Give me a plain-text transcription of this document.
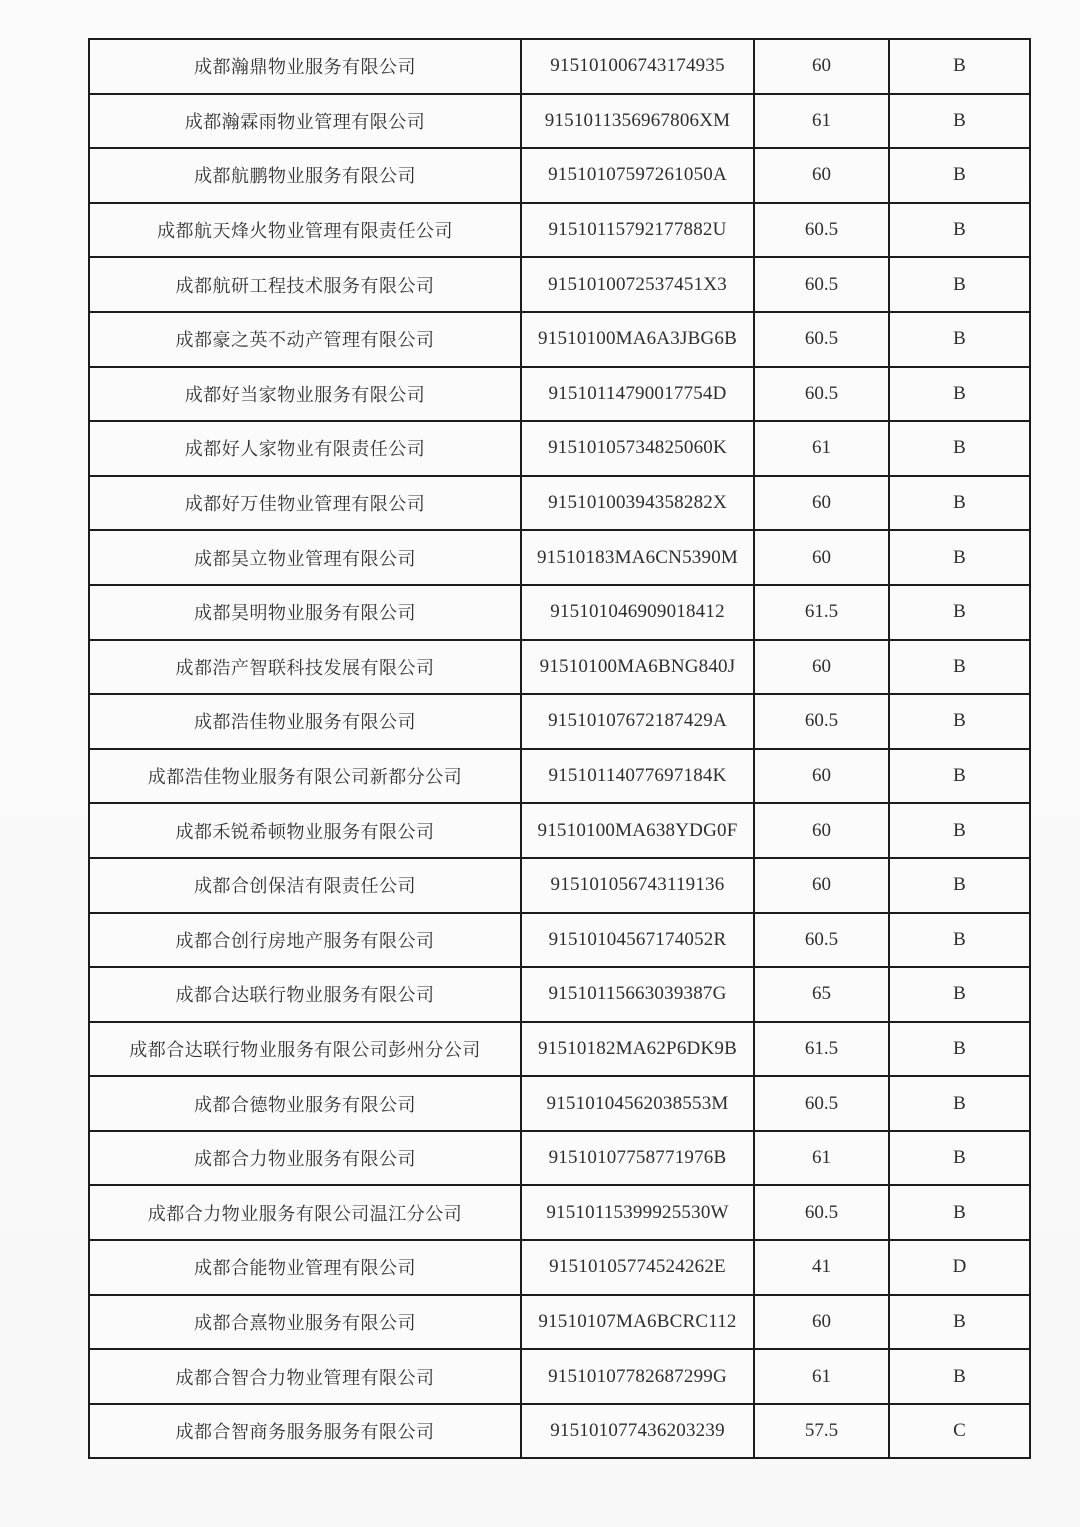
成都瀚鼎物业服务有限公司	915101006743174935	60	B
成都瀚霖雨物业管理有限公司	9151011356967806XM	61	B
成都航鹏物业服务有限公司	91510107597261050A	60	B
成都航天烽火物业管理有限责任公司	91510115792177882U	60.5	B
成都航研工程技术服务有限公司	9151010072537451X3	60.5	B
成都豪之英不动产管理有限公司	91510100MA6A3JBG6B	60.5	B
成都好当家物业服务有限公司	91510114790017754D	60.5	B
成都好人家物业有限责任公司	91510105734825060K	61	B
成都好万佳物业管理有限公司	91510100394358282X	60	B
成都昊立物业管理有限公司	91510183MA6CN5390M	60	B
成都昊明物业服务有限公司	915101046909018412	61.5	B
成都浩产智联科技发展有限公司	91510100MA6BNG840J	60	B
成都浩佳物业服务有限公司	91510107672187429A	60.5	B
成都浩佳物业服务有限公司新都分公司	91510114077697184K	60	B
成都禾锐希顿物业服务有限公司	91510100MA638YDG0F	60	B
成都合创保洁有限责任公司	915101056743119136	60	B
成都合创行房地产服务有限公司	91510104567174052R	60.5	B
成都合达联行物业服务有限公司	91510115663039387G	65	B
成都合达联行物业服务有限公司彭州分公司	91510182MA62P6DK9B	61.5	B
成都合德物业服务有限公司	91510104562038553M	60.5	B
成都合力物业服务有限公司	91510107758771976B	61	B
成都合力物业服务有限公司温江分公司	91510115399925530W	60.5	B
成都合能物业管理有限公司	91510105774524262E	41	D
成都合熹物业服务有限公司	91510107MA6BCRC112	60	B
成都合智合力物业管理有限公司	91510107782687299G	61	B
成都合智商务服务服务有限公司	915101077436203239	57.5	C
